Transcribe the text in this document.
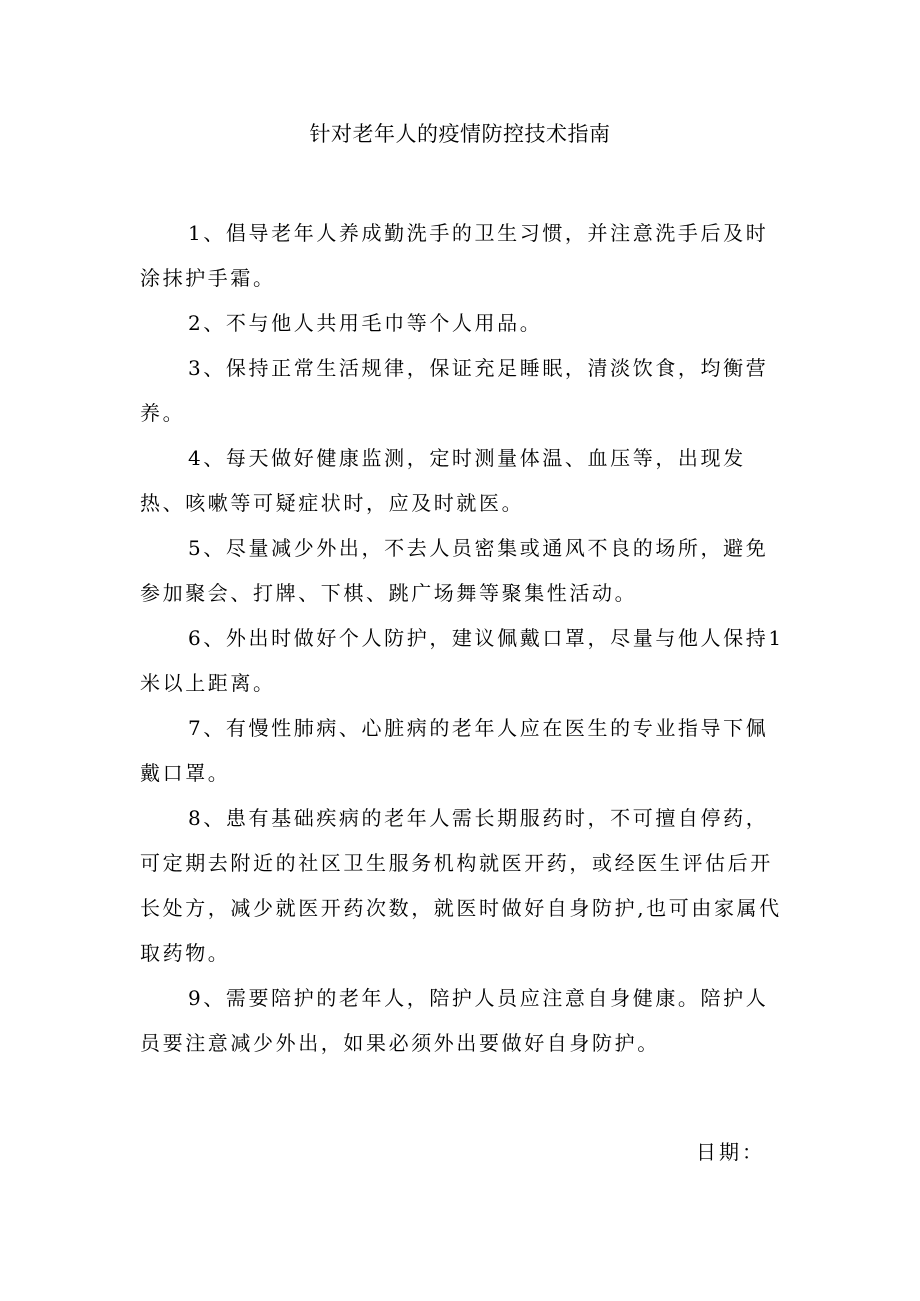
针对老年人的疫情防控技术指南

1、倡导老年人养成勤洗手的卫生习惯，并注意洗手后及时涂抹护手霜。

2、不与他人共用毛巾等个人用品。

3、保持正常生活规律，保证充足睡眠，清淡饮食，均衡营养。

4、每天做好健康监测，定时测量体温、血压等，出现发热、咳嗽等可疑症状时，应及时就医。

5、尽量减少外出，不去人员密集或通风不良的场所，避免参加聚会、打牌、下棋、跳广场舞等聚集性活动。

6、外出时做好个人防护，建议佩戴口罩，尽量与他人保持1米以上距离。

7、有慢性肺病、心脏病的老年人应在医生的专业指导下佩戴口罩。

8、患有基础疾病的老年人需长期服药时，不可擅自停药，可定期去附近的社区卫生服务机构就医开药，或经医生评估后开长处方，减少就医开药次数，就医时做好自身防护,也可由家属代取药物。

9、需要陪护的老年人，陪护人员应注意自身健康。陪护人员要注意减少外出，如果必须外出要做好自身防护。

日期：
